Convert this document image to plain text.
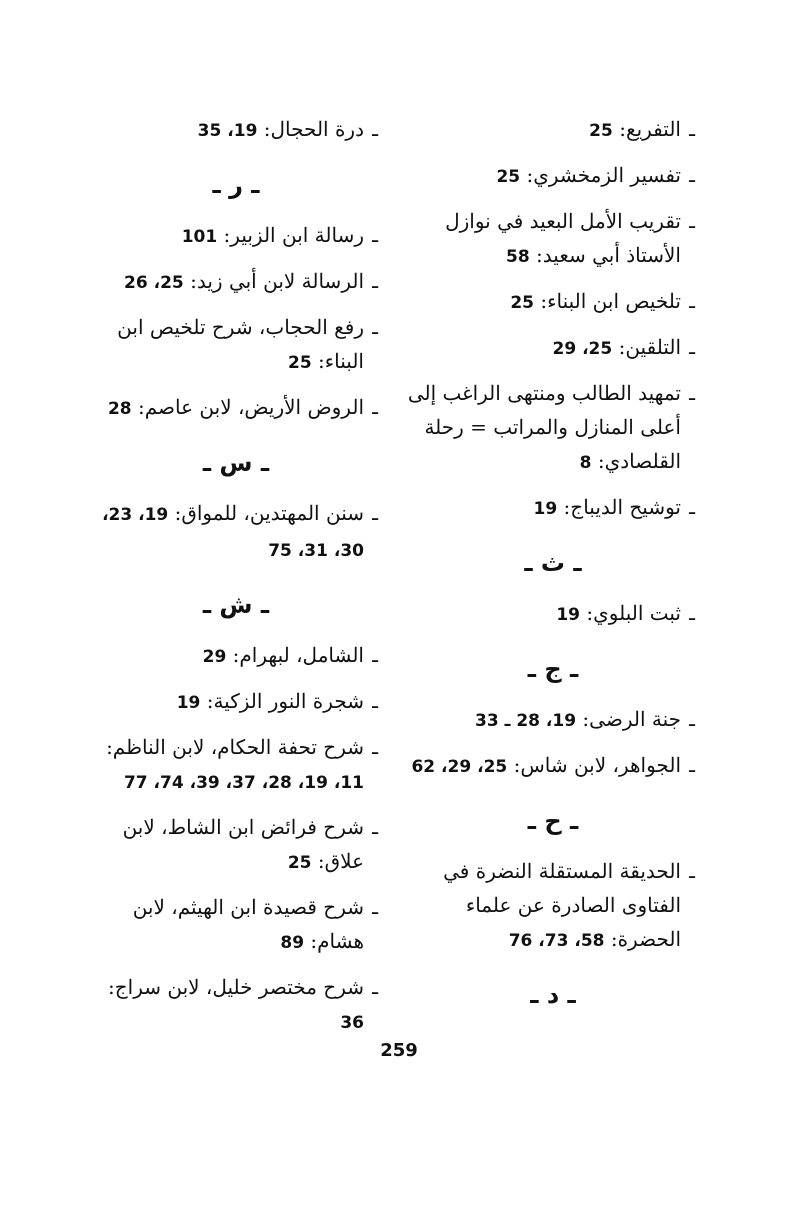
ـالتفريع: 25
ـتفسير الزمخشري: 25
ـتقريب الأمل البعيد في نوازل الأستاذ أبي سعيد: 58
ـتلخيص ابن البناء: 25
ـالتلقين: 25، 29
ـتمهيد الطالب ومنتهى الراغب إلى أعلى المنازل والمراتب = رحلة القلصادي: 8
ـتوشيح الديباج: 19
ـ ث ـ
ـثبت البلوي: 19
ـ ج ـ
ـجنة الرضى: 19، 28 ـ 33
ـالجواهر، لابن شاس: 25، 29، 62
ـ ح ـ
ـالحديقة المستقلة النضرة في الفتاوى الصادرة عن علماء الحضرة: 58، 73، 76
ـ د ـ
ـدرة الحجال: 19، 35
ـ ر ـ
ـرسالة ابن الزبير: 101
ـالرسالة لابن أبي زيد: 25، 26
ـرفع الحجاب، شرح تلخيص ابن البناء: 25
ـالروض الأريض، لابن عاصم: 28
ـ س ـ
ـسنن المهتدين، للمواق: 19، 23، 30، 31، 75
ـ ش ـ
ـالشامل، لبهرام: 29
ـشجرة النور الزكية: 19
ـشرح تحفة الحكام، لابن الناظم: 11، 19، 28، 37، 39، 74، 77
ـشرح فرائض ابن الشاط، لابن علاق: 25
ـشرح قصيدة ابن الهيثم، لابن هشام: 89
ـشرح مختصر خليل، لابن سراج: 36
259
